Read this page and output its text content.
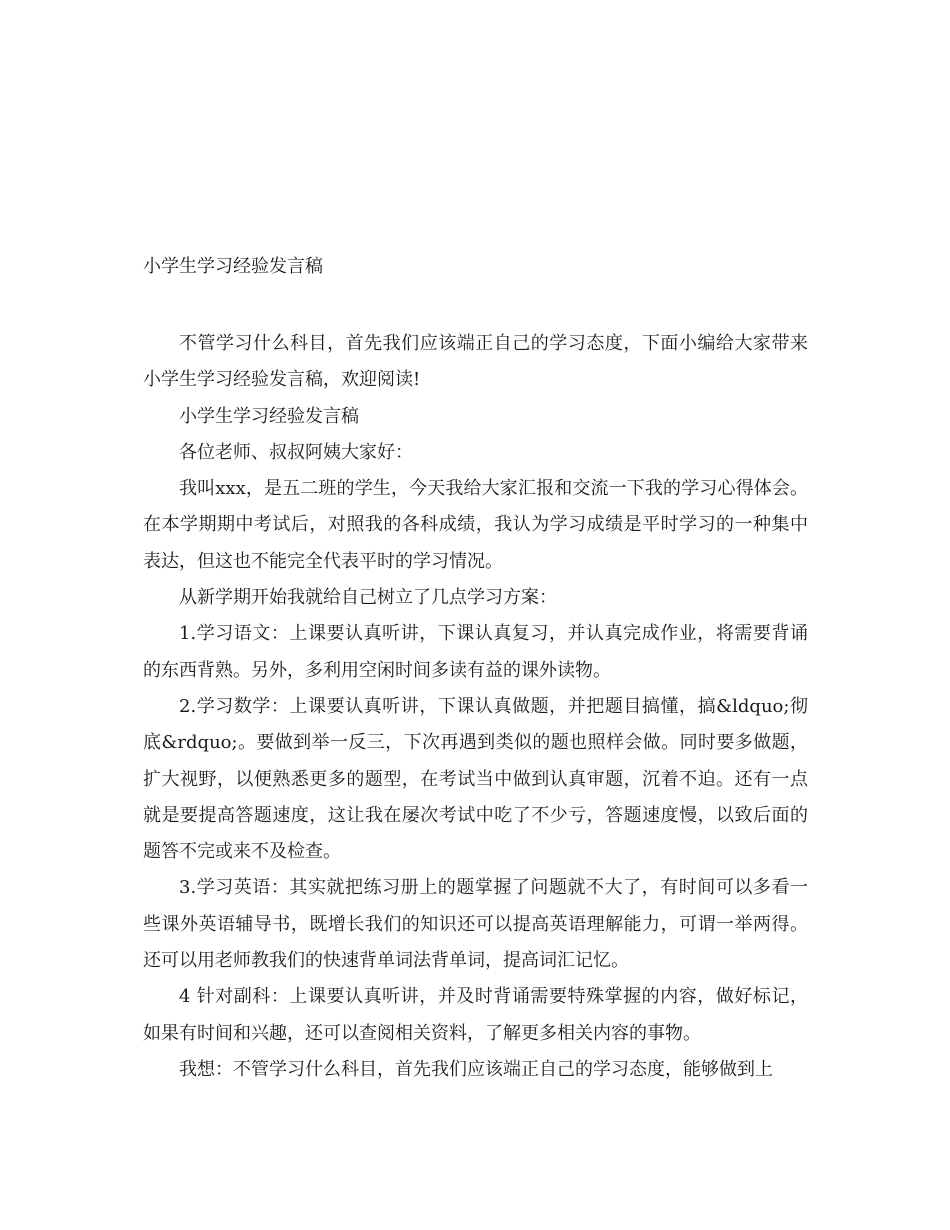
小学生学习经验发言稿

不管学习什么科目，首先我们应该端正自己的学习态度，下面小编给大家带来　小学生学习经验发言稿，欢迎阅读!

小学生学习经验发言稿

各位老师、叔叔阿姨大家好：

我叫xxx，是五二班的学生，今天我给大家汇报和交流一下我的学习心得体会。在本学期期中考试后，对照我的各科成绩，我认为学习成绩是平时学习的一种集中表达，但这也不能完全代表平时的学习情况。

从新学期开始我就给自己树立了几点学习方案：

1.学习语文：上课要认真听讲，下课认真复习，并认真完成作业，将需要背诵的东西背熟。另外，多利用空闲时间多读有益的课外读物。

2.学习数学：上课要认真听讲，下课认真做题，并把题目搞懂，搞&ldquo;彻底&rdquo;。要做到举一反三，下次再遇到类似的题也照样会做。同时要多做题，扩大视野，以便熟悉更多的题型，在考试当中做到认真审题，沉着不迫。还有一点就是要提高答题速度，这让我在屡次考试中吃了不少亏，答题速度慢，以致后面的题答不完或来不及检查。

3.学习英语：其实就把练习册上的题掌握了问题就不大了，有时间可以多看一些课外英语辅导书，既增长我们的知识还可以提高英语理解能力，可谓一举两得。还可以用老师教我们的快速背单词法背单词，提高词汇记忆。

4 针对副科：上课要认真听讲，并及时背诵需要特殊掌握的内容，做好标记，如果有时间和兴趣，还可以查阅相关资料，了解更多相关内容的事物。

我想：不管学习什么科目，首先我们应该端正自己的学习态度，能够做到上
